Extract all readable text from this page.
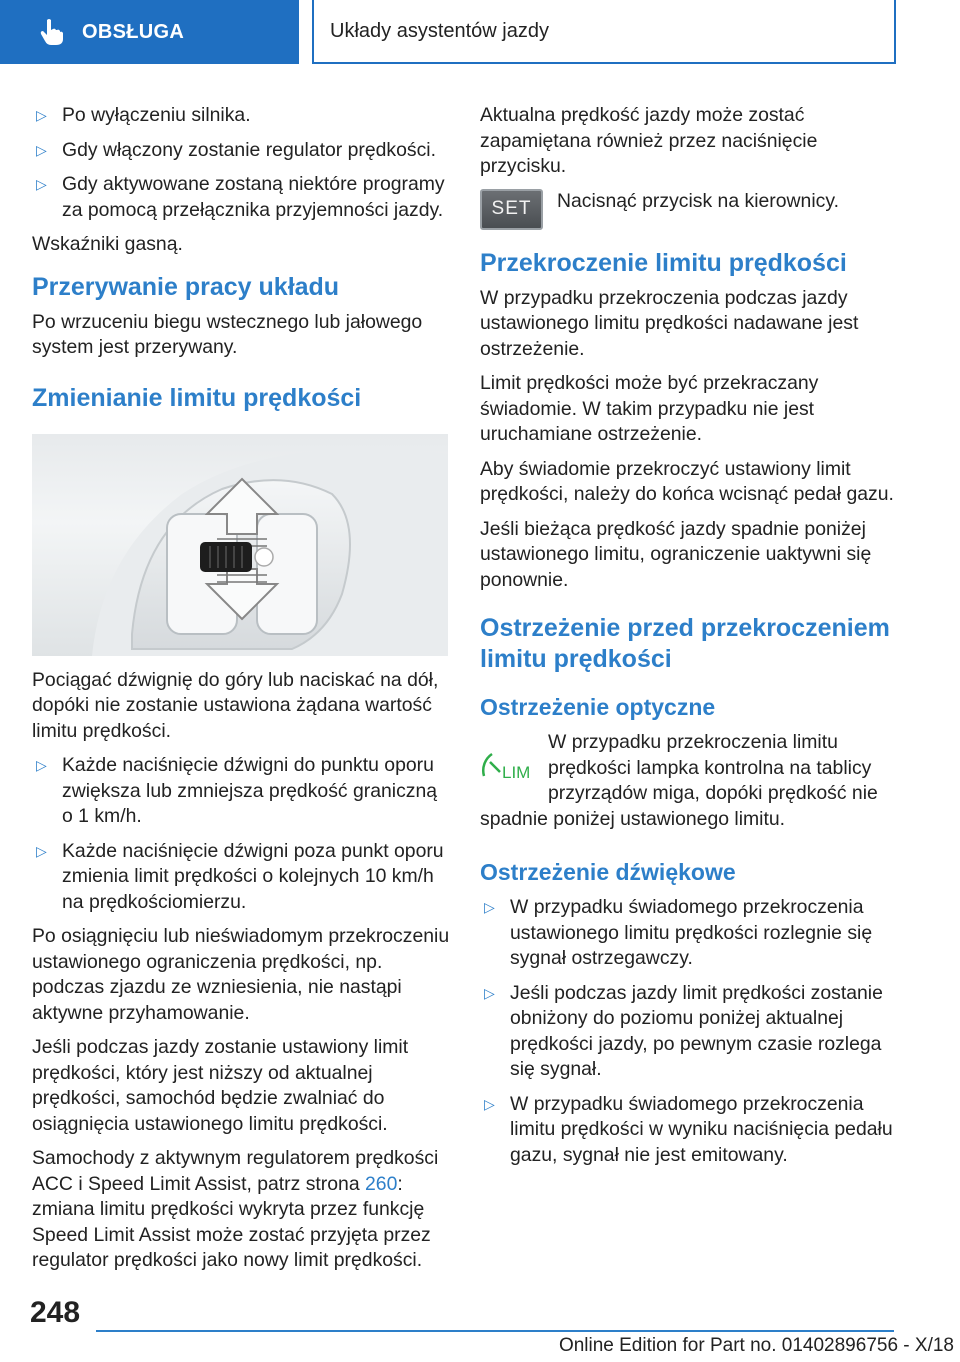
OBSŁUGA	Układy asystentów jazdy
▷ Po wyłączeniu silnika.
▷ Gdy włączony zostanie regulator prędkości.
▷ Gdy aktywowane zostaną niektóre programy za pomocą przełącznika przyjemności jazdy.

Wskaźniki gasną.

Przerywanie pracy układu

Po wrzuceniu biegu wstecznego lub jałowego system jest przerywany.

Zmienianie limitu prędkości

Pociągać dźwignię do góry lub naciskać na dół, dopóki nie zostanie ustawiona żądana wartość limitu prędkości.

▷ Każde naciśnięcie dźwigni do punktu oporu zwiększa lub zmniejsza prędkość graniczną o 1 km/h.
▷ Każde naciśnięcie dźwigni poza punkt oporu zmienia limit prędkości o kolejnych 10 km/h na prędkościomierzu.

Po osiągnięciu lub nieświadomym przekroczeniu ustawionego ograniczenia prędkości, np. podczas zjazdu ze wzniesienia, nie nastąpi aktywne przyhamowanie.

Jeśli podczas jazdy zostanie ustawiony limit prędkości, który jest niższy od aktualnej prędkości, samochód będzie zwalniać do osiągnięcia ustawionego limitu prędkości.

Samochody z aktywnym regulatorem prędkości ACC i Speed Limit Assist, patrz strona 260: zmiana limitu prędkości wykryta przez funkcję Speed Limit Assist może zostać przyjęta przez regulator prędkości jako nowy limit prędkości.

Aktualna prędkość jazdy może zostać zapamiętana również przez naciśnięcie przycisku.

SET Nacisnąć przycisk na kierownicy.
Przekroczenie limitu prędkości

W przypadku przekroczenia podczas jazdy ustawionego limitu prędkości nadawane jest ostrzeżenie.

Limit prędkości może być przekraczany świadomie. W takim przypadku nie jest uruchamiane ostrzeżenie.

Aby świadomie przekroczyć ustawiony limit prędkości, należy do końca wcisnąć pedał gazu.

Jeśli bieżąca prędkość jazdy spadnie poniżej ustawionego limitu, ograniczenie uaktywni się ponownie.

Ostrzeżenie przed przekroczeniem limitu prędkości
Ostrzeżenie optyczne
LIM
W przypadku przekroczenia limitu prędkości lampka kontrolna na tablicy przyrządów miga, dopóki prędkość nie spadnie poniżej ustawionego limitu.
Ostrzeżenie dźwiękowe
▷ W przypadku świadomego przekroczenia ustawionego limitu prędkości rozlegnie się sygnał ostrzegawczy.
▷ Jeśli podczas jazdy limit prędkości zostanie obniżony do poziomu poniżej aktualnej prędkości jazdy, po pewnym czasie rozlega się sygnał.
▷ W przypadku świadomego przekroczenia limitu prędkości w wyniku naciśnięcia pedału gazu, sygnał nie jest emitowany.
248
Online Edition for Part no. 01402896756 - X/18
